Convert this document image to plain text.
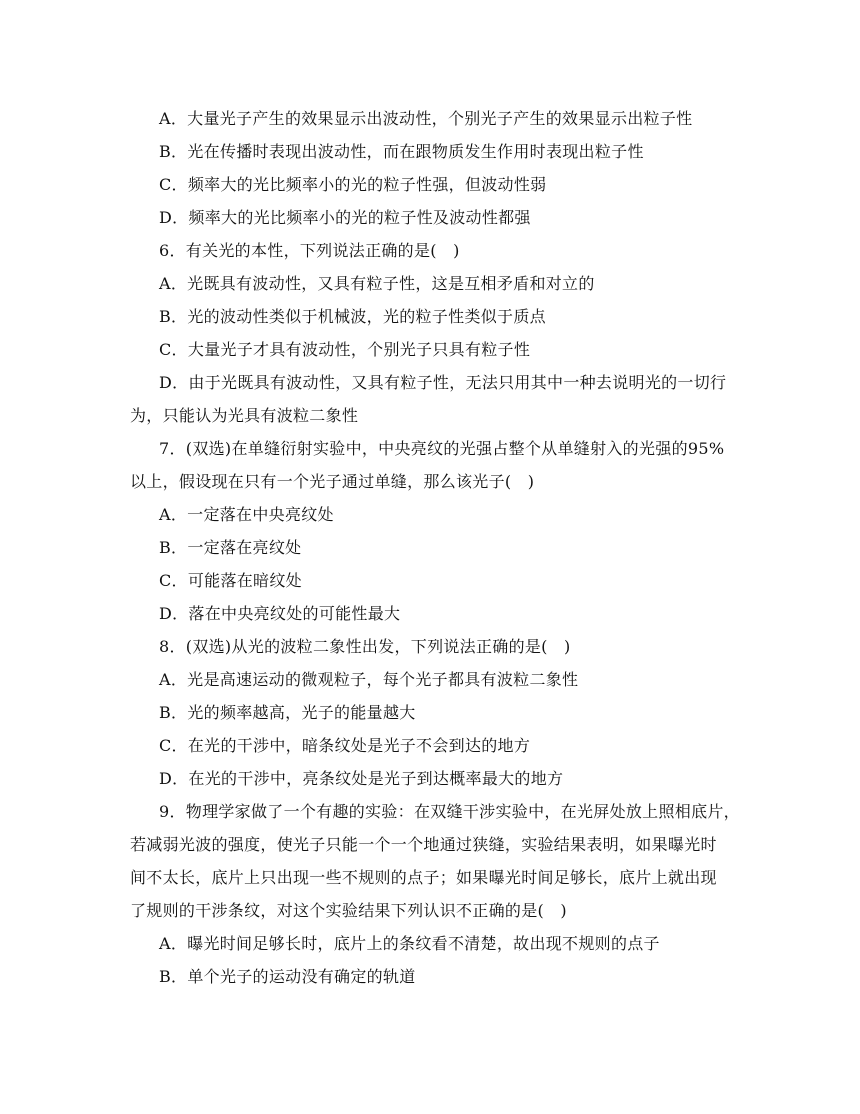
A．大量光子产生的效果显示出波动性，个别光子产生的效果显示出粒子性
B．光在传播时表现出波动性，而在跟物质发生作用时表现出粒子性
C．频率大的光比频率小的光的粒子性强，但波动性弱
D．频率大的光比频率小的光的粒子性及波动性都强
6．有关光的本性，下列说法正确的是(　)
A．光既具有波动性，又具有粒子性，这是互相矛盾和对立的
B．光的波动性类似于机械波，光的粒子性类似于质点
C．大量光子才具有波动性，个别光子只具有粒子性
D．由于光既具有波动性，又具有粒子性，无法只用其中一种去说明光的一切行
为，只能认为光具有波粒二象性
7．(双选)在单缝衍射实验中，中央亮纹的光强占整个从单缝射入的光强的95%
以上，假设现在只有一个光子通过单缝，那么该光子(　)
A．一定落在中央亮纹处
B．一定落在亮纹处
C．可能落在暗纹处
D．落在中央亮纹处的可能性最大
8．(双选)从光的波粒二象性出发，下列说法正确的是(　)
A．光是高速运动的微观粒子，每个光子都具有波粒二象性
B．光的频率越高，光子的能量越大
C．在光的干涉中，暗条纹处是光子不会到达的地方
D．在光的干涉中，亮条纹处是光子到达概率最大的地方
9．物理学家做了一个有趣的实验：在双缝干涉实验中，在光屏处放上照相底片，
若减弱光波的强度，使光子只能一个一个地通过狭缝，实验结果表明，如果曝光时
间不太长，底片上只出现一些不规则的点子；如果曝光时间足够长，底片上就出现
了规则的干涉条纹，对这个实验结果下列认识不正确的是(　)
A．曝光时间足够长时，底片上的条纹看不清楚，故出现不规则的点子
B．单个光子的运动没有确定的轨道
